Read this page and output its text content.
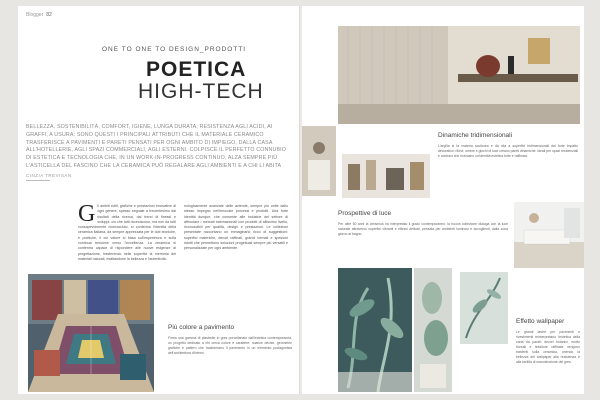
Blogger 82
ONE TO ONE TO DESIGN_PRODOTTI
POETICA
HIGH-TECH
BELLEZZA, SOSTENIBILITÀ, COMFORT, IGIENE, LUNGA DURATA, RESISTENZA AGLI ACIDI, AI GRAFFI, A USURA: SONO QUESTI I PRINCIPALI ATTRIBUTI CHE IL MATERIALE CERAMICO TRASFERISCE A PAVIMENTI E PARETI PENSATI PER OGNI AMBITO DI IMPIEGO, DALLA CASA ALL'HOTELLERIE, AGLI SPAZI COMMERCIALI, AGLI ESTERNI. COLPISCE IL PERFETTO CONNUBIO DI ESTETICA E TECNOLOGIA CHE, IN UN WORK-IN-PROGRESS CONTINUO, ALZA SEMPRE PIÙ L'ASTICELLA DEL FASCINO CHE LA CERAMICA PUÒ REGALARE AGLI AMBIENTI E A CHI LI ABITA
CINZIA TREVISAN
G li ambiti editi, grafiche e prestazioni innovative di ogni genere, spesso segnate a trecentesimo dai risultati della ricerca, dai trend di finessi e sviluppi: ciò che tutti riconoscono, ma non da tutti consapevolmente riconosciuto, si conferma l'identità della ceramica italiana, da sempre apprezzata per le doti tecniche, e poetiche, il cui valore si basa sull'esperienza e sulla continua tensione verso l'eccellenza. La ceramica si conferma capace di rispondere alle nuove esigenze di progettazione, trasferendo nelle superfici la memoria dei materiali naturali, esaltandone la bellezza e l'autenticità.
nologicamente avanzate delle aziende, sempre più unite dallo stesso impegno nell'innovare processi e prodotti. Una forte identità dunque, che consente alle industrie del settore di affrontare i mercati internazionali con prodotti di altissimo livello, riconoscibili per qualità, design e prestazioni. Le collezioni presentate raccontano un immaginario ricco di suggestioni: superfici materiche, decori raffinati, grandi formati e spessori ridotti che permettono soluzioni progettuali sempre più versatili e personalizzate per ogni ambiente.
Più colore a pavimento
Firma una gamma di piastrelle in gres porcellanato dall'estetica contemporanea, un progetto dedicato a chi cerca colore e carattere: nuance decise, geometrie grafiche e pattern che trasformano il pavimento in un elemento protagonista dell'architettura d'interni.
Dinamiche tridimensionali
L'argilla si fa materia scultorea e dà vita a superfici tridimensionali dal forte impatto decorativo: rilievi, ombre e giochi di luce creano pareti dinamiche, ideali per spazi residenziali e contract che ricercano un'identità estetica forte e raffinata.
Prospettive di luce
Per oltre 60 anni la ceramica ha interpretato il gusto contemporaneo: la nuova collezione dialoga con la luce naturale attraverso superfici vibranti e riflessi delicati, pensata per ambienti luminosi e accoglienti, dalla zona giorno al bagno.
Effetto wallpaper
Le grandi lastre per pavimenti e rivestimenti reinterpretano l'estetica della carta da parati: decori botanici, motivi floreali e tessiture raffinate vengono trasferiti sulla ceramica, unendo la bellezza del wallpaper alla resistenza e alla facilità di manutenzione del gres.
